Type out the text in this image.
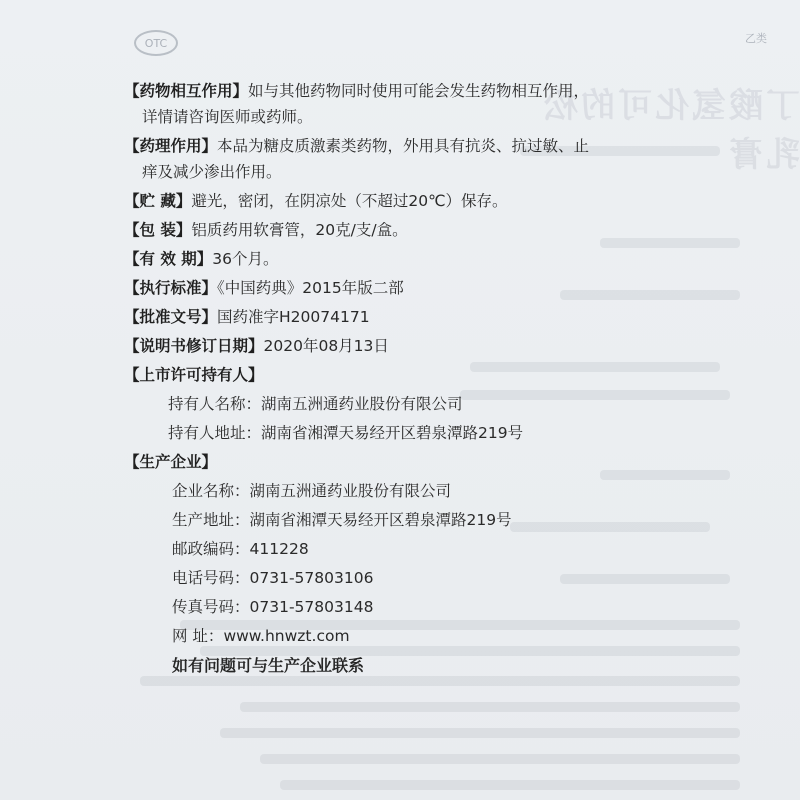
丁酸氢化可的松乳膏
OTC	乙类
【药物相互作用】如与其他药物同时使用可能会发生药物相互作用，
详情请咨询医师或药师。
【药理作用】本品为糖皮质激素类药物，外用具有抗炎、抗过敏、止
痒及减少渗出作用。
【贮 藏】避光，密闭，在阴凉处（不超过20℃）保存。
【包 装】铝质药用软膏管，20克/支/盒。
【有 效 期】36个月。
【执行标准】《中国药典》2015年版二部
【批准文号】国药准字H20074171
【说明书修订日期】2020年08月13日
【上市许可持有人】
持有人名称：湖南五洲通药业股份有限公司
持有人地址：湖南省湘潭天易经开区碧泉潭路219号
【生产企业】
企业名称：湖南五洲通药业股份有限公司
生产地址：湖南省湘潭天易经开区碧泉潭路219号
邮政编码：411228
电话号码：0731-57803106
传真号码：0731-57803148
网 址：www.hnwzt.com
如有问题可与生产企业联系
